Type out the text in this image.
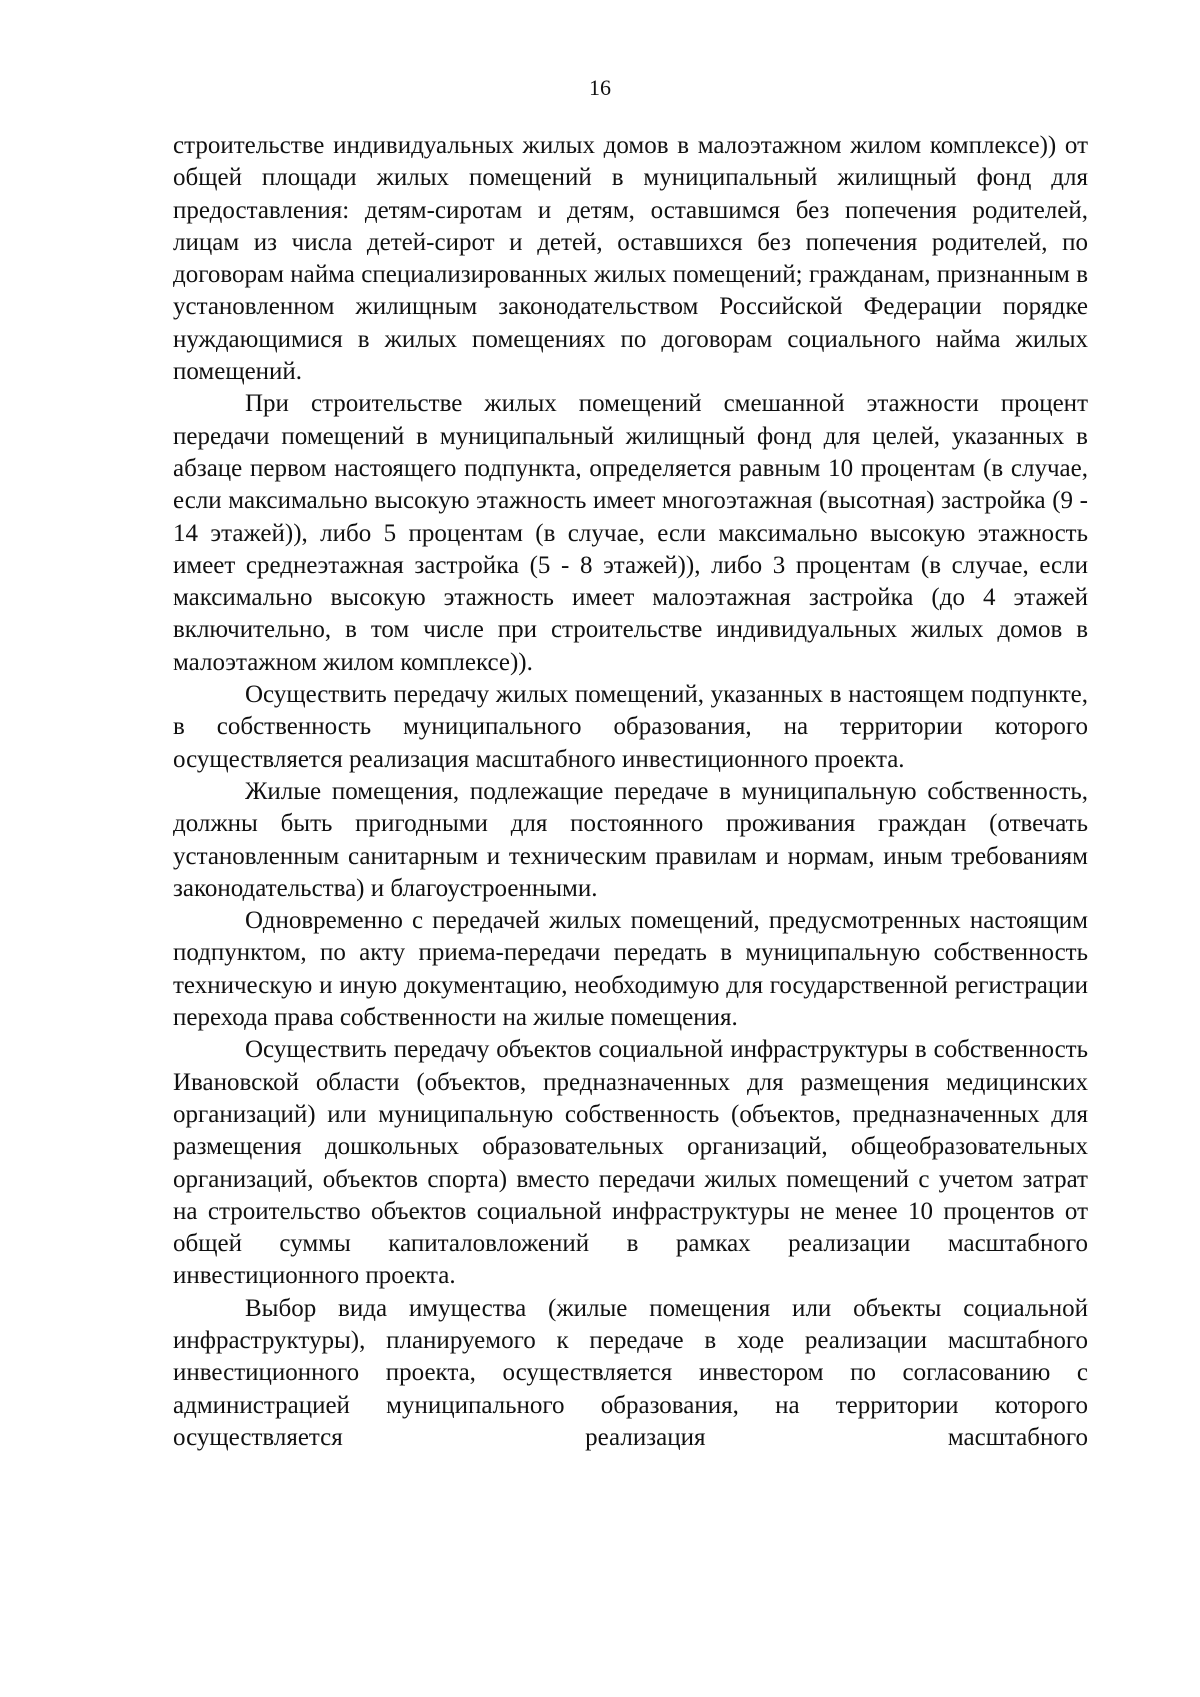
16

строительстве индивидуальных жилых домов в малоэтажном жилом комплексе)) от общей площади жилых помещений в муниципальный жилищный фонд для предоставления: детям-сиротам и детям, оставшимся без попечения родителей, лицам из числа детей-сирот и детей, оставшихся без попечения родителей, по договорам найма специализированных жилых помещений; гражданам, признанным в установленном жилищным законодательством Российской Федерации порядке нуждающимися в жилых помещениях по договорам социального найма жилых помещений.

При строительстве жилых помещений смешанной этажности процент передачи помещений в муниципальный жилищный фонд для целей, указанных в абзаце первом настоящего подпункта, определяется равным 10 процентам (в случае, если максимально высокую этажность имеет многоэтажная (высотная) застройка (9 - 14 этажей)), либо 5 процентам (в случае, если максимально высокую этажность имеет среднеэтажная застройка (5 - 8 этажей)), либо 3 процентам (в случае, если максимально высокую этажность имеет малоэтажная застройка (до 4 этажей включительно, в том числе при строительстве индивидуальных жилых домов в малоэтажном жилом комплексе)).

Осуществить передачу жилых помещений, указанных в настоящем подпункте, в собственность муниципального образования, на территории которого осуществляется реализация масштабного инвестиционного проекта.

Жилые помещения, подлежащие передаче в муниципальную собственность, должны быть пригодными для постоянного проживания граждан (отвечать установленным санитарным и техническим правилам и нормам, иным требованиям законодательства) и благоустроенными.

Одновременно с передачей жилых помещений, предусмотренных настоящим подпунктом, по акту приема-передачи передать в муниципальную собственность техническую и иную документацию, необходимую для государственной регистрации перехода права собственности на жилые помещения.

Осуществить передачу объектов социальной инфраструктуры в собственность Ивановской области (объектов, предназначенных для размещения медицинских организаций) или муниципальную собственность (объектов, предназначенных для размещения дошкольных образовательных организаций, общеобразовательных организаций, объектов спорта) вместо передачи жилых помещений с учетом затрат на строительство объектов социальной инфраструктуры не менее 10 процентов от общей суммы капиталовложений в рамках реализации масштабного инвестиционного проекта.

Выбор вида имущества (жилые помещения или объекты социальной инфраструктуры), планируемого к передаче в ходе реализации масштабного инвестиционного проекта, осуществляется инвестором по согласованию с администрацией муниципального образования, на территории которого осуществляется реализация масштабного
